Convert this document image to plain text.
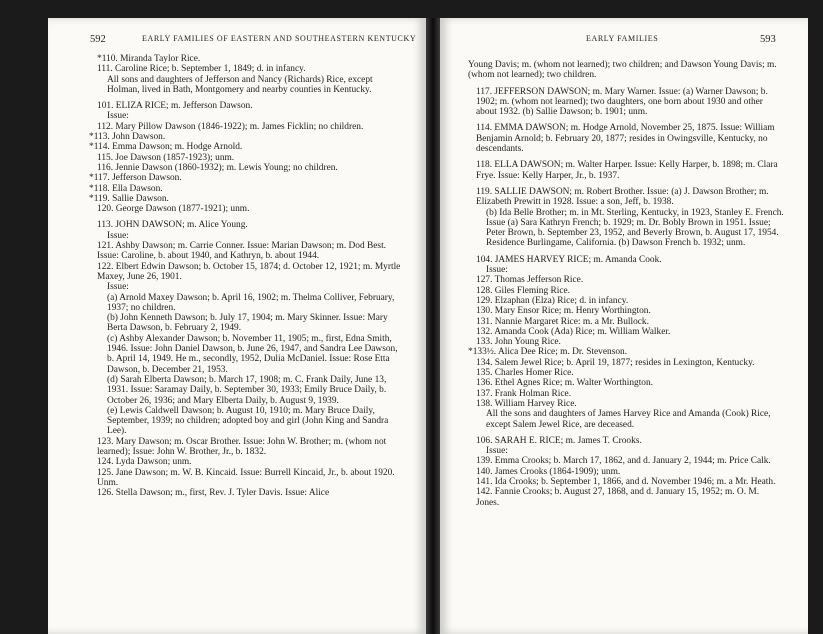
592	EARLY FAMILIES OF EASTERN AND SOUTHEASTERN KENTUCKY

*110. Miranda Taylor Rice.

111. Caroline Rice; b. September 1, 1849; d. in infancy.

All sons and daughters of Jefferson and Nancy (Richards) Rice, except Holman, lived in Bath, Montgomery and nearby counties in Kentucky.

101. ELIZA RICE; m. Jefferson Dawson.

Issue:

112. Mary Pillow Dawson (1846-1922); m. James Ficklin; no children.

*113. John Dawson.

*114. Emma Dawson; m. Hodge Arnold.

115. Joe Dawson (1857-1923); unm.

116. Jennie Dawson (1860-1932); m. Lewis Young; no children.

*117. Jefferson Dawson.

*118. Ella Dawson.

*119. Sallie Dawson.

120. George Dawson (1877-1921); unm.

113. JOHN DAWSON; m. Alice Young.

Issue:

121. Ashby Dawson; m. Carrie Conner. Issue: Marian Dawson; m. Dod Best. Issue: Caroline, b. about 1940, and Kathryn, b. about 1944.

122. Elbert Edwin Dawson; b. October 15, 1874; d. October 12, 1921; m. Myrtle Maxey, June 26, 1901.

Issue:

(a) Arnold Maxey Dawson; b. April 16, 1902; m. Thelma Colliver, February, 1937; no children.

(b) John Kenneth Dawson; b. July 17, 1904; m. Mary Skinner. Issue: Mary Berta Dawson, b. February 2, 1949.

(c) Ashby Alexander Dawson; b. November 11, 1905; m., first, Edna Smith, 1946. Issue: John Daniel Dawson, b. June 26, 1947, and Sandra Lee Dawson, b. April 14, 1949. He m., secondly, 1952, Dulia McDaniel. Issue: Rose Etta Dawson, b. December 21, 1953.

(d) Sarah Elberta Dawson; b. March 17, 1908; m. C. Frank Daily, June 13, 1931. Issue: Saramay Daily, b. September 30, 1933; Emily Bruce Daily, b. October 26, 1936; and Mary Elberta Daily, b. August 9, 1939.

(e) Lewis Caldwell Dawson; b. August 10, 1910; m. Mary Bruce Daily, September, 1939; no children; adopted boy and girl (John King and Sandra Lee).

123. Mary Dawson; m. Oscar Brother. Issue: John W. Brother; m. (whom not learned); Issue: John W. Brother, Jr., b. 1832.

124. Lyda Dawson; unm.

125. Jane Dawson; m. W. B. Kincaid. Issue: Burrell Kincaid, Jr., b. about 1920. Unm.

126. Stella Dawson; m., first, Rev. J. Tyler Davis. Issue: Alice

EARLY FAMILIES	593

Young Davis; m. (whom not learned); two children; and Dawson Young Davis; m. (whom not learned); two children.

117. JEFFERSON DAWSON; m. Mary Warner. Issue: (a) Warner Dawson; b. 1902; m. (whom not learned); two daughters, one born about 1930 and other about 1932. (b) Sallie Dawson; b. 1901; unm.

114. EMMA DAWSON; m. Hodge Arnold, November 25, 1875. Issue: William Benjamin Arnold; b. February 20, 1877; resides in Owingsville, Kentucky, no descendants.

118. ELLA DAWSON; m. Walter Harper. Issue: Kelly Harper, b. 1898; m. Clara Frye. Issue: Kelly Harper, Jr., b. 1937.

119. SALLIE DAWSON; m. Robert Brother. Issue: (a) J. Dawson Brother; m. Elizabeth Prewitt in 1928. Issue: a son, Jeff, b. 1938.

(b) Ida Belle Brother; m. in Mt. Sterling, Kentucky, in 1923, Stanley E. French. Issue (a) Sara Kathryn French; b. 1929; m. Dr. Bobly Brown in 1951. Issue; Peter Brown, b. September 23, 1952, and Beverly Brown, b. August 17, 1954. Residence Burlingame, California. (b) Dawson French b. 1932; unm.

104. JAMES HARVEY RICE; m. Amanda Cook.

Issue:

127. Thomas Jefferson Rice.

128. Giles Fleming Rice.

129. Elzaphan (Elza) Rice; d. in infancy.

130. Mary Ensor Rice; m. Henry Worthington.

131. Nannie Margaret Rice: m. a Mr. Bullock.

132. Amanda Cook (Ada) Rice; m. William Walker.

133. John Young Rice.

*133½. Alica Dee Rice; m. Dr. Stevenson.

134. Salem Jewel Rice; b. April 19, 1877; resides in Lexington, Kentucky.

135. Charles Homer Rice.

136. Ethel Agnes Rice; m. Walter Worthington.

137. Frank Holman Rice.

138. William Harvey Rice.

All the sons and daughters of James Harvey Rice and Amanda (Cook) Rice, except Salem Jewel Rice, are deceased.

106. SARAH E. RICE; m. James T. Crooks.

Issue:

139. Emma Crooks; b. March 17, 1862, and d. January 2, 1944; m. Price Calk.

140. James Crooks (1864-1909); unm.

141. Ida Crooks; b. September 1, 1866, and d. November 1946; m. a Mr. Heath.

142. Fannie Crooks; b. August 27, 1868, and d. January 15, 1952; m. O. M. Jones.
